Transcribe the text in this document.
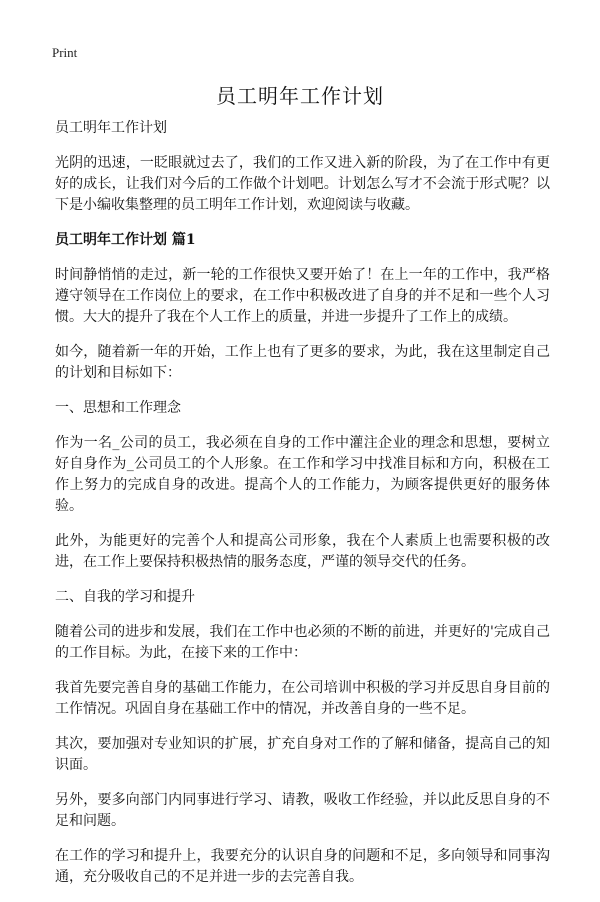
Print
员工明年工作计划

员工明年工作计划

光阴的迅速，一眨眼就过去了，我们的工作又进入新的阶段，为了在工作中有更好的成长，让我们对今后的工作做个计划吧。计划怎么写才不会流于形式呢？以下是小编收集整理的员工明年工作计划，欢迎阅读与收藏。

员工明年工作计划 篇1

时间静悄悄的走过，新一轮的工作很快又要开始了！在上一年的工作中，我严格遵守领导在工作岗位上的要求，在工作中积极改进了自身的并不足和一些个人习惯。大大的提升了我在个人工作上的质量，并进一步提升了工作上的成绩。

如今，随着新一年的开始，工作上也有了更多的要求，为此，我在这里制定自己的计划和目标如下：

一、思想和工作理念

作为一名_公司的员工，我必须在自身的工作中灌注企业的理念和思想，要树立好自身作为_公司员工的个人形象。在工作和学习中找准目标和方向，积极在工作上努力的完成自身的改进。提高个人的工作能力，为顾客提供更好的服务体验。

此外，为能更好的完善个人和提高公司形象，我在个人素质上也需要积极的改进，在工作上要保持积极热情的服务态度，严谨的领导交代的任务。

二、自我的学习和提升

随着公司的进步和发展，我们在工作中也必须的不断的前进，并更好的'完成自己的工作目标。为此，在接下来的工作中：

我首先要完善自身的基础工作能力，在公司培训中积极的学习并反思自身目前的工作情况。巩固自身在基础工作中的情况，并改善自身的一些不足。

其次，要加强对专业知识的扩展，扩充自身对工作的了解和储备，提高自己的知识面。

另外，要多向部门内同事进行学习、请教，吸收工作经验，并以此反思自身的不足和问题。

在工作的学习和提升上，我要充分的认识自身的问题和不足，多向领导和同事沟通，充分吸收自己的不足并进一步的去完善自我。
